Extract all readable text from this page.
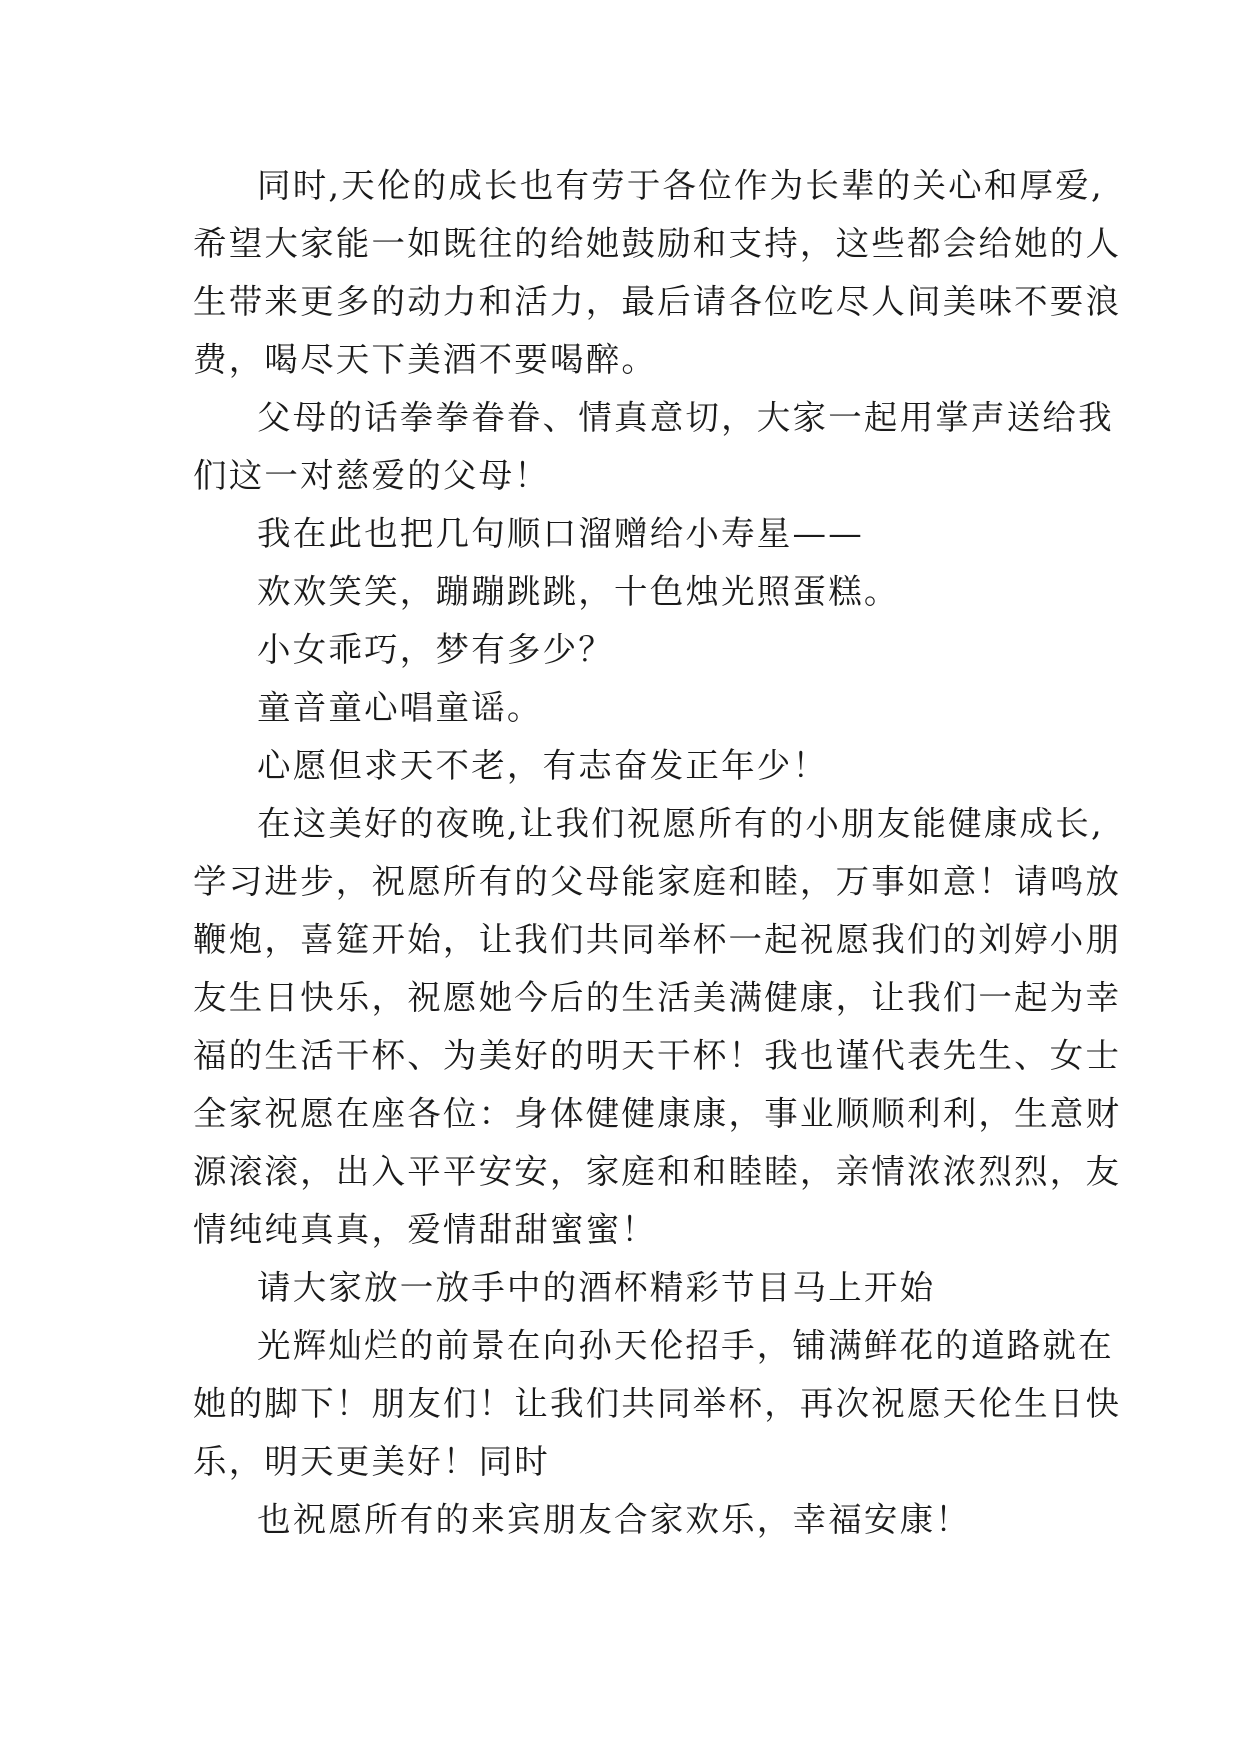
同时,天伦的成长也有劳于各位作为长辈的关心和厚爱,
希望大家能一如既往的给她鼓励和支持，这些都会给她的人
生带来更多的动力和活力，最后请各位吃尽人间美味不要浪
费，喝尽天下美酒不要喝醉。
父母的话拳拳眷眷、情真意切，大家一起用掌声送给我
们这一对慈爱的父母！
我在此也把几句顺口溜赠给小寿星——
欢欢笑笑，蹦蹦跳跳，十色烛光照蛋糕。
小女乖巧，梦有多少？
童音童心唱童谣。
心愿但求天不老，有志奋发正年少！
在这美好的夜晚,让我们祝愿所有的小朋友能健康成长,
学习进步，祝愿所有的父母能家庭和睦，万事如意！请鸣放
鞭炮，喜筵开始，让我们共同举杯一起祝愿我们的刘婷小朋
友生日快乐，祝愿她今后的生活美满健康，让我们一起为幸
福的生活干杯、为美好的明天干杯！我也谨代表先生、女士
全家祝愿在座各位：身体健健康康，事业顺顺利利，生意财
源滚滚，出入平平安安，家庭和和睦睦，亲情浓浓烈烈，友
情纯纯真真，爱情甜甜蜜蜜！
请大家放一放手中的酒杯精彩节目马上开始
光辉灿烂的前景在向孙天伦招手，铺满鲜花的道路就在
她的脚下！朋友们！让我们共同举杯，再次祝愿天伦生日快
乐，明天更美好！同时
也祝愿所有的来宾朋友合家欢乐，幸福安康！
